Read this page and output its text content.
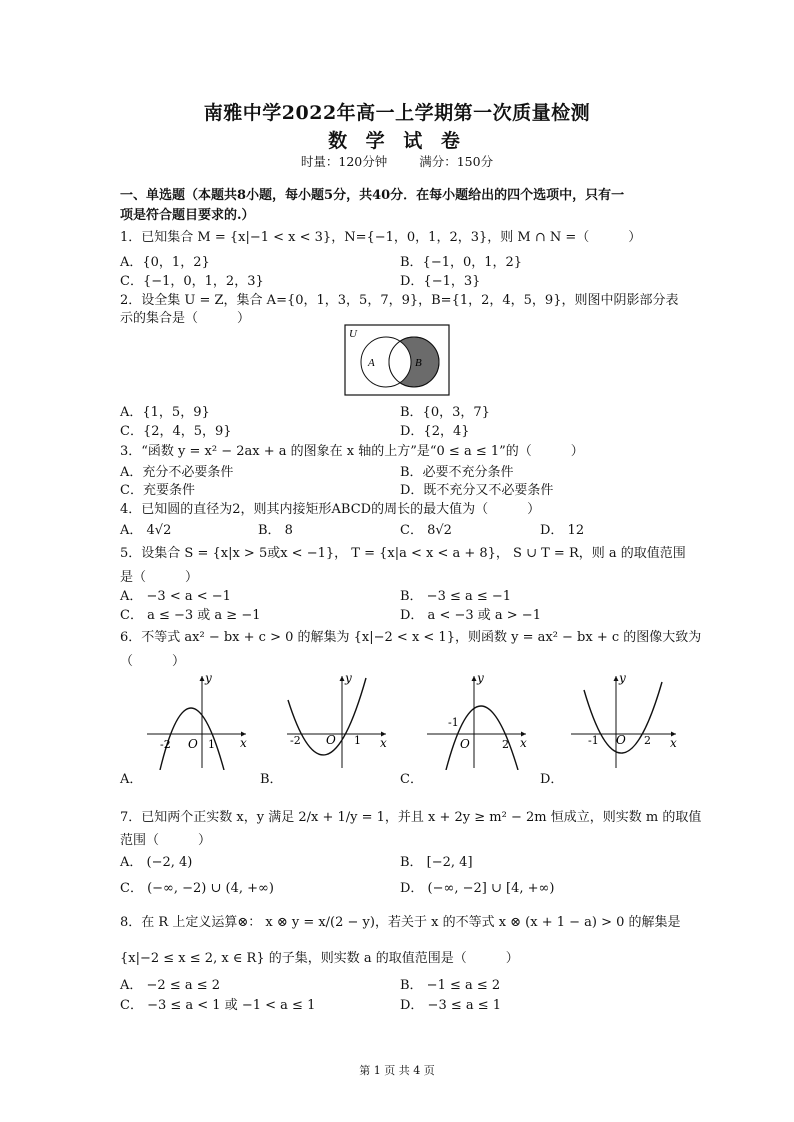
南雅中学2022年高一上学期第一次质量检测
数 学 试 卷
时量：120分钟	满分：150分
一、单选题（本题共8小题，每小题5分，共40分．在每小题给出的四个选项中，只有一
项是符合题目要求的.）
1．已知集合 M = {x|−1 < x < 3}，N={−1，0，1，2，3}，则 M ∩ N =（　　　）
A．{0，1，2}	B．{−1，0，1，2}
C．{−1，0，1，2，3}	D．{−1，3}
2．设全集 U = Z，集合 A={0，1，3，5，7，9}，B={1，2，4，5，9}，则图中阴影部分表
示的集合是（　　　）
U
A	B
A．{1，5，9}	B．{0，3，7}
C．{2，4，5，9}	D．{2，4}
3．“函数 y = x² − 2ax + a 的图象在 x 轴的上方”是“0 ≤ a ≤ 1”的（　　　）
A．充分不必要条件	B．必要不充分条件
C．充要条件	D．既不充分又不必要条件
4．已知圆的直径为2，则其内接矩形ABCD的周长的最大值为（　　　）
A． 4√2	B． 8	C． 8√2	D． 12
5．设集合 S = {x|x > 5或x < −1}， T = {x|a < x < a + 8}， S ∪ T = R，则 a 的取值范围
是（　　　）
A． −3 < a < −1	B． −3 ≤ a ≤ −1
C． a ≤ −3 或 a ≥ −1	D． a < −3 或 a > −1
6．不等式 ax² − bx + c > 0 的解集为 {x|−2 < x < 1}，则函数 y = ax² − bx + c 的图像大致为
（　　　）
x
y
O
-2	1	x
y
O
-2	1	x
y
O
-1
2	x
y
O
-1	2
A．	B．	C．	D．
7．已知两个正实数 x，y 满足 2/x + 1/y = 1，并且 x + 2y ≥ m² − 2m 恒成立，则实数 m 的取值
范围（　　　）
A． (−2, 4)	B． [−2, 4]
C． (−∞, −2) ∪ (4, +∞)	D． (−∞, −2] ∪ [4, +∞)
8．在 R 上定义运算⊗： x ⊗ y = x/(2 − y)，若关于 x 的不等式 x ⊗ (x + 1 − a) > 0 的解集是
{x|−2 ≤ x ≤ 2, x ∈ R} 的子集，则实数 a 的取值范围是（　　　）
A． −2 ≤ a ≤ 2	B． −1 ≤ a ≤ 2
C． −3 ≤ a < 1 或 −1 < a ≤ 1	D． −3 ≤ a ≤ 1
第 1 页 共 4 页
